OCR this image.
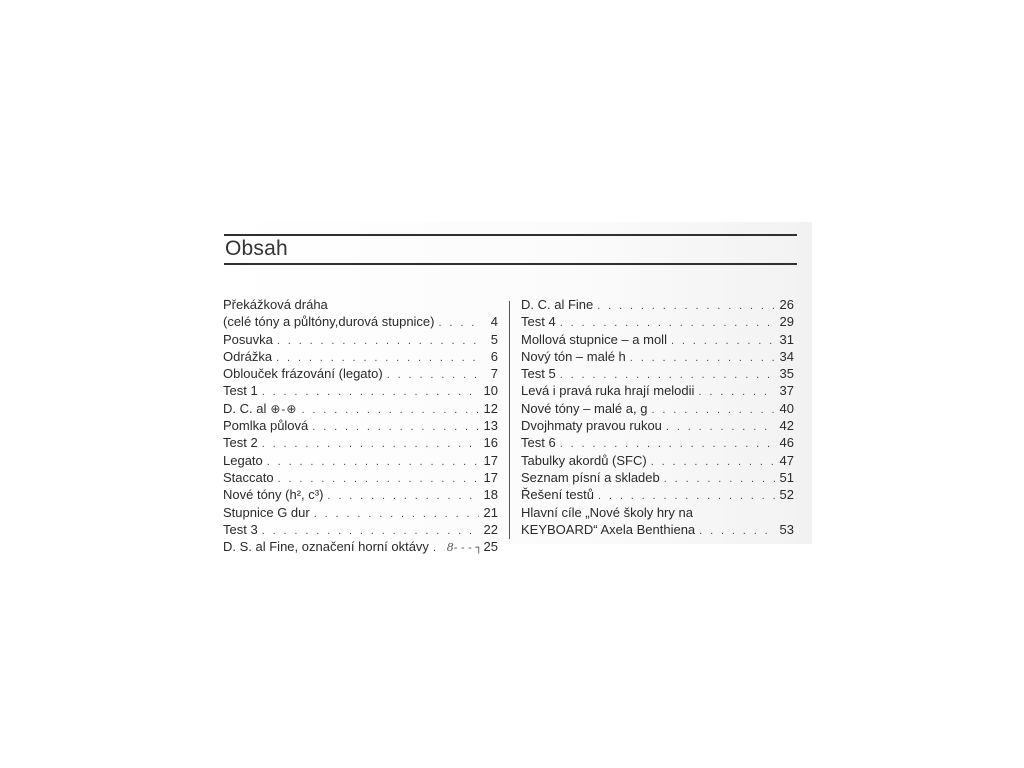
Obsah
Překážková dráha
(celé tóny a půltóny,durová stupnice) . . .	4
Posuvka . . .	5
Odrážka . . .	6
Oblouček frázování (legato) . . .	7
Test 1 . . .	10
D. C. al ⊕-⊕ . . .	12
Pomlka půlová . . .	13
Test 2 . . .	16
Legato . . .	17
Staccato . . .	17
Nové tóny (h², c³) . . .	18
Stupnice G dur . . .	21
Test 3 . . .	22
D. S. al Fine, označení horní oktávy . . . 8- - - ┐ 25
D. C. al Fine . . .	26
Test 4 . . .	29
Mollová stupnice – a moll . . .	31
Nový tón – malé h . . .	34
Test 5 . . .	35
Levá i pravá ruka hrají melodii . . .	37
Nové tóny – malé a, g . . .	40
Dvojhmaty pravou rukou . . .	42
Test 6 . . .	46
Tabulky akordů (SFC) . . .	47
Seznam písní a skladeb . . .	51
Řešení testů . . .	52
Hlavní cíle „Nové školy hry na
KEYBOARD“ Axela Benthiena . . .	53
